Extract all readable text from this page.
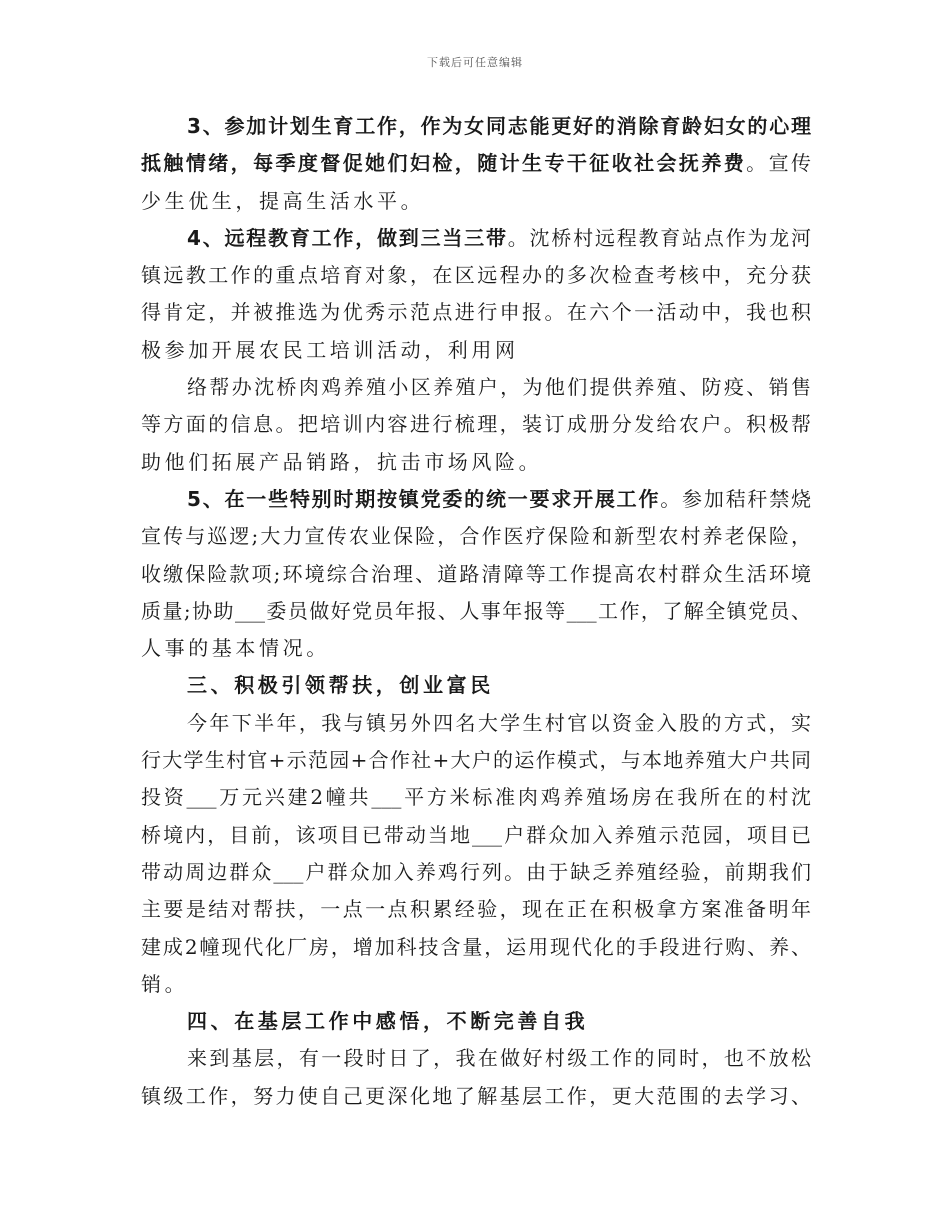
下载后可任意编辑
3、参加计划生育工作，作为女同志能更好的消除育龄妇女的心理
抵触情绪，每季度督促她们妇检，随计生专干征收社会抚养费。宣传
少生优生，提高生活水平。
4、远程教育工作，做到三当三带。沈桥村远程教育站点作为龙河
镇远教工作的重点培育对象，在区远程办的多次检查考核中，充分获
得肯定，并被推选为优秀示范点进行申报。在六个一活动中，我也积
极参加开展农民工培训活动，利用网
络帮办沈桥肉鸡养殖小区养殖户，为他们提供养殖、防疫、销售
等方面的信息。把培训内容进行梳理，装订成册分发给农户。积极帮
助他们拓展产品销路，抗击市场风险。
5、在一些特别时期按镇党委的统一要求开展工作。参加秸秆禁烧
宣传与巡逻;大力宣传农业保险，合作医疗保险和新型农村养老保险，
收缴保险款项;环境综合治理、道路清障等工作提高农村群众生活环境
质量;协助___委员做好党员年报、人事年报等___工作，了解全镇党员、
人事的基本情况。
三、积极引领帮扶，创业富民
今年下半年，我与镇另外四名大学生村官以资金入股的方式，实
行大学生村官+示范园+合作社+大户的运作模式，与本地养殖大户共同
投资___万元兴建2幢共___平方米标准肉鸡养殖场房在我所在的村沈
桥境内，目前，该项目已带动当地___户群众加入养殖示范园，项目已
带动周边群众___户群众加入养鸡行列。由于缺乏养殖经验，前期我们
主要是结对帮扶，一点一点积累经验，现在正在积极拿方案准备明年
建成2幢现代化厂房，增加科技含量，运用现代化的手段进行购、养、
销。
四、在基层工作中感悟，不断完善自我
来到基层，有一段时日了，我在做好村级工作的同时，也不放松
镇级工作，努力使自己更深化地了解基层工作，更大范围的去学习、
